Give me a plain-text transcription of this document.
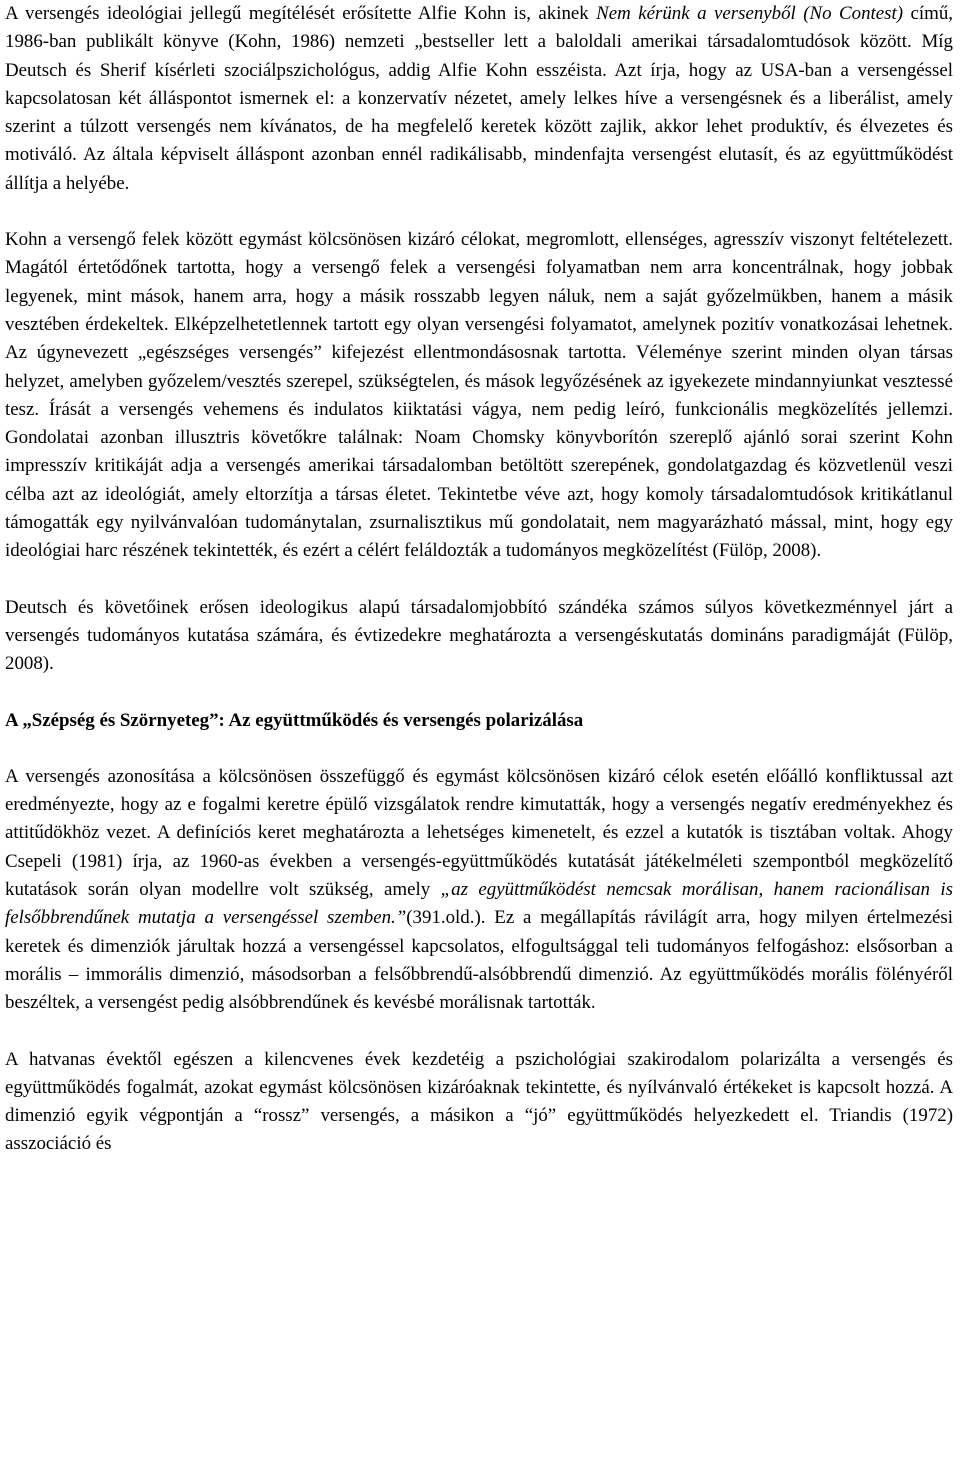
A versengés ideológiai jellegű megítélését erősítette Alfie Kohn is, akinek Nem kérünk a versenyből (No Contest) című, 1986-ban publikált könyve (Kohn, 1986) nemzeti „bestseller lett a baloldali amerikai társadalomtudósok között. Míg Deutsch és Sherif kísérleti szociálpszichológus, addig Alfie Kohn esszéista. Azt írja, hogy az USA-ban a versengéssel kapcsolatosan két álláspontot ismernek el: a konzervatív nézetet, amely lelkes híve a versengésnek és a liberálist, amely szerint a túlzott versengés nem kívánatos, de ha megfelelő keretek között zajlik, akkor lehet produktív, és élvezetes és motiváló. Az általa képviselt álláspont azonban ennél radikálisabb, mindenfajta versengést elutasít, és az együttműködést állítja a helyébe.

Kohn a versengő felek között egymást kölcsönösen kizáró célokat, megromlott, ellenséges, agresszív viszonyt feltételezett. Magától értetődőnek tartotta, hogy a versengő felek a versengési folyamatban nem arra koncentrálnak, hogy jobbak legyenek, mint mások, hanem arra, hogy a másik rosszabb legyen náluk, nem a saját győzelmükben, hanem a másik vesztében érdekeltek. Elképzelhetetlennek tartott egy olyan versengési folyamatot, amelynek pozitív vonatkozásai lehetnek. Az úgynevezett „egészséges versengés” kifejezést ellentmondásosnak tartotta. Véleménye szerint minden olyan társas helyzet, amelyben győzelem/vesztés szerepel, szükségtelen, és mások legyőzésének az igyekezete mindannyiunkat vesztessé tesz. Írását a versengés vehemens és indulatos kiiktatási vágya, nem pedig leíró, funkcionális megközelítés jellemzi. Gondolatai azonban illusztris követőkre találnak: Noam Chomsky könyvborítón szereplő ajánló sorai szerint Kohn impresszív kritikáját adja a versengés amerikai társadalomban betöltött szerepének, gondolatgazdag és közvetlenül veszi célba azt az ideológiát, amely eltorzítja a társas életet. Tekintetbe véve azt, hogy komoly társadalomtudósok kritikátlanul támogatták egy nyilvánvalóan tudománytalan, zsurnalisztikus mű gondolatait, nem magyarázható mással, mint, hogy egy ideológiai harc részének tekintették, és ezért a célért feláldozták a tudományos megközelítést (Fülöp, 2008).

Deutsch és követőinek erősen ideologikus alapú társadalomjobbító szándéka számos súlyos következménnyel járt a versengés tudományos kutatása számára, és évtizedekre meghatározta a versengéskutatás domináns paradigmáját (Fülöp, 2008).

A „Szépség és Szörnyeteg”: Az együttműködés és versengés polarizálása

A versengés azonosítása a kölcsönösen összefüggő és egymást kölcsönösen kizáró célok esetén előálló konfliktussal azt eredményezte, hogy az e fogalmi keretre épülő vizsgálatok rendre kimutatták, hogy a versengés negatív eredményekhez és attitűdökhöz vezet. A definíciós keret meghatározta a lehetséges kimenetelt, és ezzel a kutatók is tisztában voltak. Ahogy Csepeli (1981) írja, az 1960-as években a versengés-együttműködés kutatását játékelméleti szempontból megközelítő kutatások során olyan modellre volt szükség, amely „az együttműködést nemcsak morálisan, hanem racionálisan is felsőbbrendűnek mutatja a versengéssel szemben.”(391.old.). Ez a megállapítás rávilágít arra, hogy milyen értelmezési keretek és dimenziók járultak hozzá a versengéssel kapcsolatos, elfogultsággal teli tudományos felfogáshoz: elsősorban a morális – immorális dimenzió, másodsorban a felsőbbrendű-alsóbbrendű dimenzió. Az együttműködés morális fölényéről beszéltek, a versengést pedig alsóbbrendűnek és kevésbé morálisnak tartották.

A hatvanas évektől egészen a kilencvenes évek kezdetéig a pszichológiai szakirodalom polarizálta a versengés és együttműködés fogalmát, azokat egymást kölcsönösen kizáróaknak tekintette, és nyílvánvaló értékeket is kapcsolt hozzá. A dimenzió egyik végpontján a “rossz” versengés, a másikon a “jó” együttműködés helyezkedett el. Triandis (1972) asszociáció és
